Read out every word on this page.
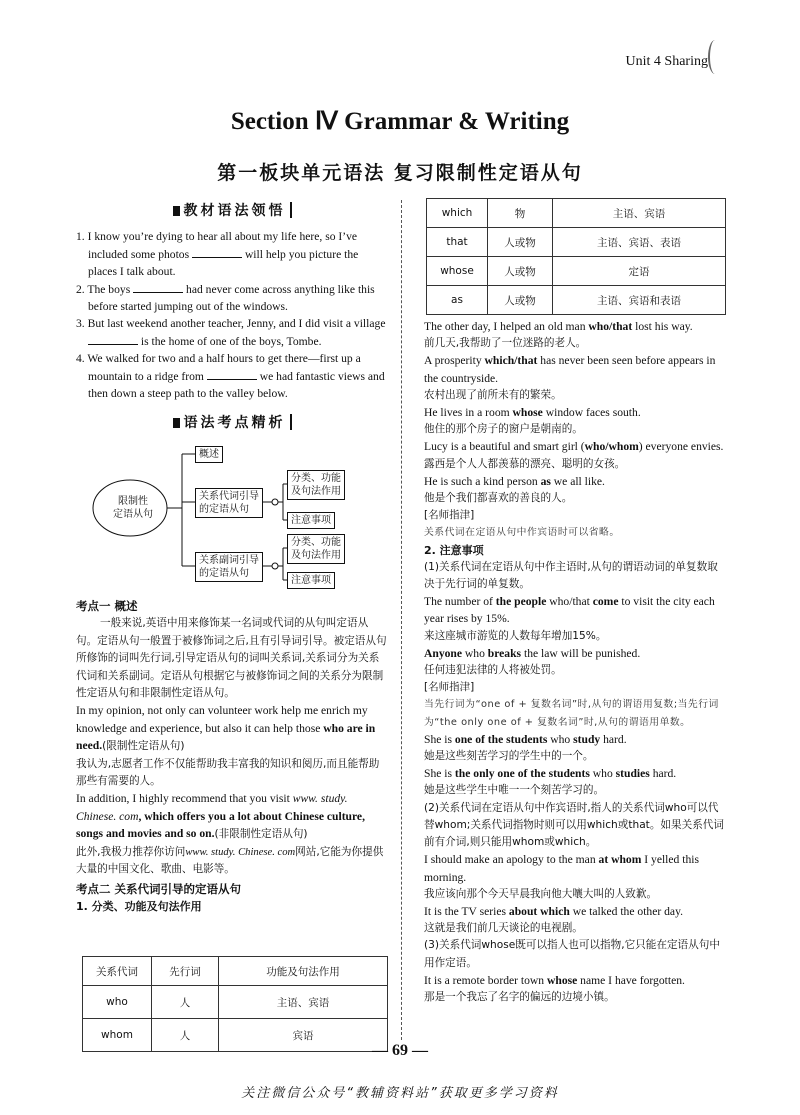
Unit 4 Sharing
Section Ⅳ Grammar & Writing
第一板块单元语法 复习限制性定语从句
教材语法领悟

1. I know you’re dying to hear all about my life here, so I’ve included some photos	will help you picture the places I talk about.

2. The boys	had never come across anything like this before started jumping out of the windows.

3. But last weekend another teacher, Jenny, and I did visit a village  is the home of one of the boys, Tombe.

4. We walked for two and a half hours to get there—first up a mountain to a ridge from	we had fantastic views and then down a steep path to the valley below.

语法考点精析
限制性
定语从句
概述
关系代词引导
的定语从句
关系副词引导
的定语从句
分类、功能
及句法作用
注意事项
分类、功能
及句法作用
注意事项

考点一 概述

一般来说,英语中用来修饰某一名词或代词的从句叫定语从句。定语从句一般置于被修饰词之后,且有引导词引导。被定语从句所修饰的词叫先行词,引导定语从句的词叫关系词,关系词分为关系代词和关系副词。定语从句根据它与被修饰词之间的关系分为限制性定语从句和非限制性定语从句。

In my opinion, not only can volunteer work help me enrich my knowledge and experience, but also it can help those who are in need.(限制性定语从句)

我认为,志愿者工作不仅能帮助我丰富我的知识和阅历,而且能帮助那些有需要的人。

In addition, I highly recommend that you visit www. study. Chinese. com, which offers you a lot about Chinese culture, songs and movies and so on.(非限制性定语从句)

此外,我极力推荐你访问www. study. Chinese. com网站,它能为你提供大量的中国文化、歌曲、电影等。

考点二 关系代词引导的定语从句

1. 分类、功能及句法作用

关系代词	先行词	功能及句法作用
who	人	主语、宾语
whom	人	宾语
which	物	主语、宾语
that	人或物	主语、宾语、表语
whose	人或物	定语
as	人或物	主语、宾语和表语

The other day, I helped an old man who/that lost his way.

前几天,我帮助了一位迷路的老人。

A prosperity which/that has never been seen before appears in the countryside.

农村出现了前所未有的繁荣。

He lives in a room whose window faces south.

他住的那个房子的窗户是朝南的。

Lucy is a beautiful and smart girl (who/whom) everyone envies.

露西是个人人都羡慕的漂亮、聪明的女孩。

He is such a kind person as we all like.

他是个我们都喜欢的善良的人。

[名师指津]

关系代词在定语从句中作宾语时可以省略。

2. 注意事项

(1)关系代词在定语从句中作主语时,从句的谓语动词的单复数取决于先行词的单复数。

The number of the people who/that come to visit the city each year rises by 15%.

来这座城市游览的人数每年增加15%。

Anyone who breaks the law will be punished.

任何违犯法律的人将被处罚。

[名师指津]

当先行词为“one of + 复数名词”时,从句的谓语用复数;当先行词为“the only one of + 复数名词”时,从句的谓语用单数。

She is one of the students who study hard.

她是这些刻苦学习的学生中的一个。

She is the only one of the students who studies hard.

她是这些学生中唯一一个刻苦学习的。

(2)关系代词在定语从句中作宾语时,指人的关系代词who可以代替whom;关系代词指物时则可以用which或that。如果关系代词前有介词,则只能用whom或which。

I should make an apology to the man at whom I yelled this morning.

我应该向那个今天早晨我向他大嚷大叫的人致歉。

It is the TV series about which we talked the other day.

这就是我们前几天谈论的电视剧。

(3)关系代词whose既可以指人也可以指物,它只能在定语从句中用作定语。

It is a remote border town whose name I have forgotten.

那是一个我忘了名字的偏远的边境小镇。

— 69 —
关注微信公众号“教辅资料站”获取更多学习资料
